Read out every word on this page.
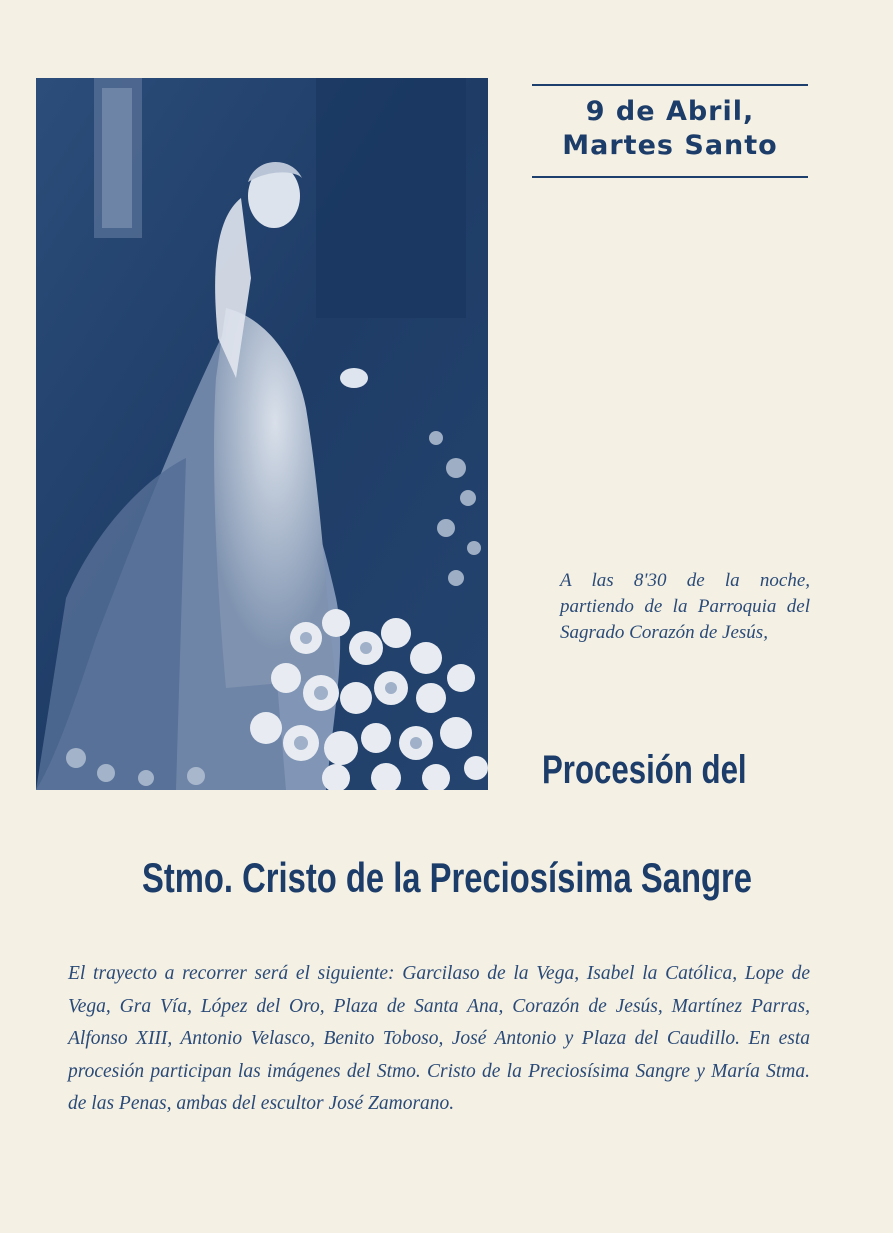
9 de Abril,
Martes Santo
A las 8'30 de la noche, partiendo de la Parroquia del Sagrado Corazón de Jesús,
Procesión del
Stmo. Cristo de la Preciosísima Sangre
El trayecto a recorrer será el siguiente: Garcilaso de la Vega, Isabel la Católica, Lope de Vega, Gra Vía, López del Oro, Plaza de Santa Ana, Corazón de Jesús, Martínez Parras, Alfonso XIII, Antonio Velasco, Benito Toboso, José Antonio y Plaza del Caudillo. En esta procesión participan las imágenes del Stmo. Cristo de la Preciosísima Sangre y María Stma. de las Penas, ambas del escultor José Zamorano.
